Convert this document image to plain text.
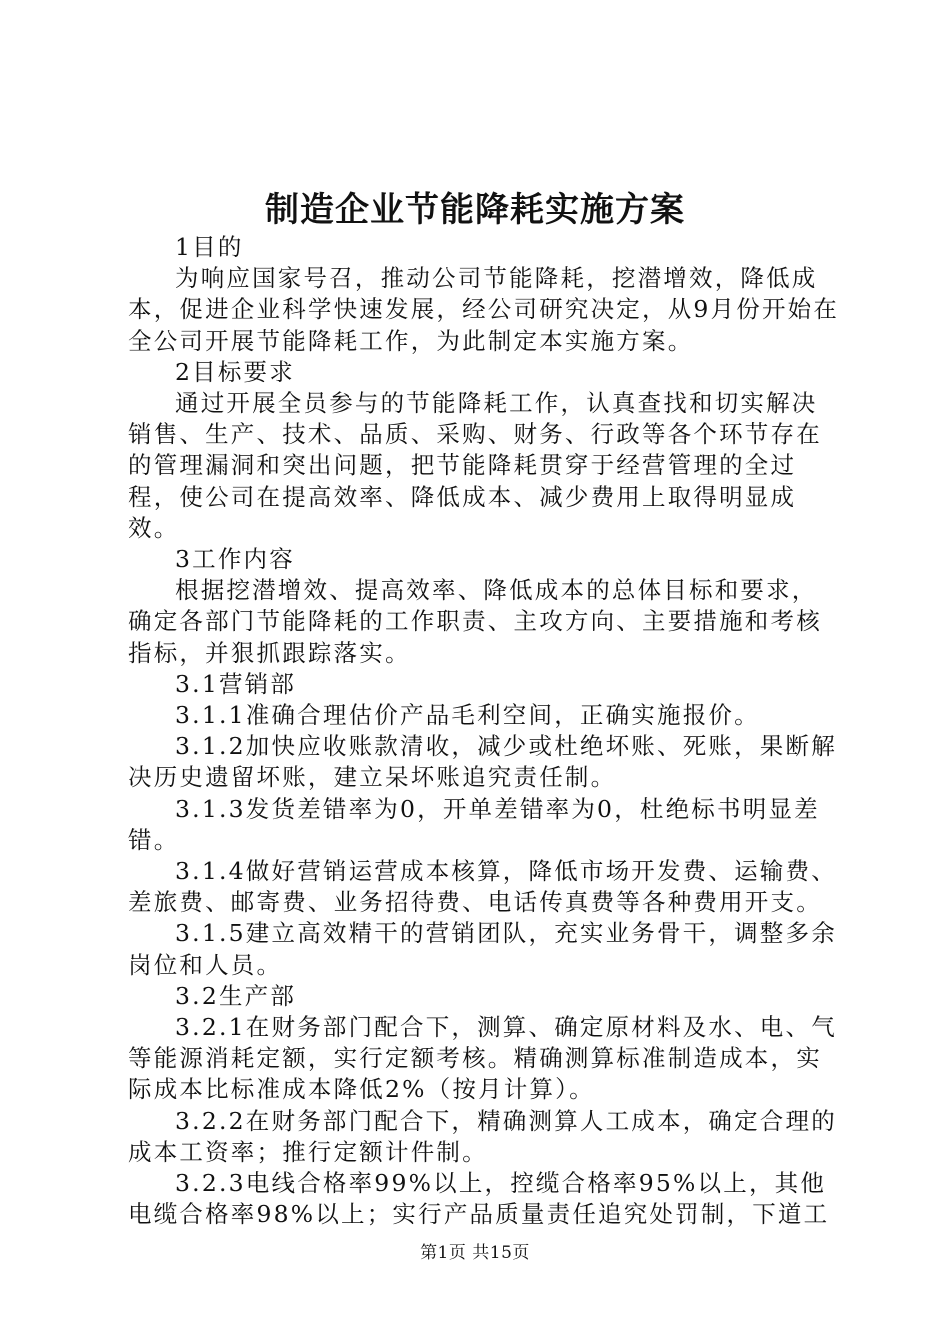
制造企业节能降耗实施方案

1目的

为响应国家号召，推动公司节能降耗，挖潜增效，降低成本，促进企业科学快速发展，经公司研究决定，从9月份开始在全公司开展节能降耗工作，为此制定本实施方案。

2目标要求

通过开展全员参与的节能降耗工作，认真查找和切实解决销售、生产、技术、品质、采购、财务、行政等各个环节存在的管理漏洞和突出问题，把节能降耗贯穿于经营管理的全过程，使公司在提高效率、降低成本、减少费用上取得明显成效。

3工作内容

根据挖潜增效、提高效率、降低成本的总体目标和要求，确定各部门节能降耗的工作职责、主攻方向、主要措施和考核指标，并狠抓跟踪落实。

3.1营销部

3.1.1准确合理估价产品毛利空间，正确实施报价。

3.1.2加快应收账款清收，减少或杜绝坏账、死账，果断解决历史遗留坏账，建立呆坏账追究责任制。

3.1.3发货差错率为0，开单差错率为0，杜绝标书明显差错。

3.1.4做好营销运营成本核算，降低市场开发费、运输费、差旅费、邮寄费、业务招待费、电话传真费等各种费用开支。

3.1.5建立高效精干的营销团队，充实业务骨干，调整多余岗位和人员。

3.2生产部

3.2.1在财务部门配合下，测算、确定原材料及水、电、气等能源消耗定额，实行定额考核。精确测算标准制造成本，实际成本比标准成本降低2%（按月计算）。

3.2.2在财务部门配合下，精确测算人工成本，确定合理的成本工资率；推行定额计件制。

3.2.3电线合格率99%以上，控缆合格率95%以上，其他电缆合格率98%以上；实行产品质量责任追究处罚制，下道工

第1页 共15页
